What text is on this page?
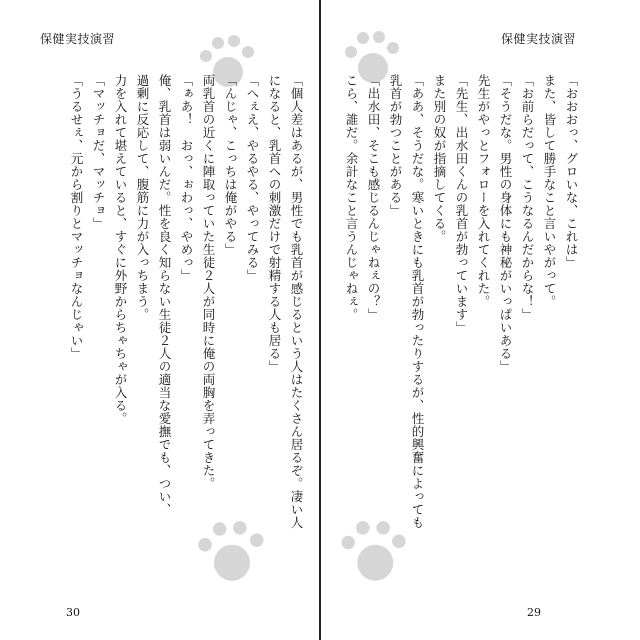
保健実技演習

「個人差はあるが、男性でも乳首が感じるという人はたくさん居るぞ。凄い人

になると、乳首への刺激だけで射精する人も居る」

「へぇえ、やるやる、やってみる」

「んじゃ、こっちは俺がやる」

両乳首の近くに陣取っていた生徒２人が同時に俺の両胸を弄ってきた。

「ぁあ！　おっ、ぉわっ、やめっ」

俺、乳首は弱いんだ。性を良く知らない生徒２人の適当な愛撫でも、つい、

過剰に反応して、腹筋に力が入っちまう。

力を入れて堪えていると、すぐに外野からちゃちゃが入る。

「マッチョだ、マッチョ」

「うるせぇ、元から割りとマッチョなんじゃい」

30
保健実技演習

「おおおっ、グロいな、これは」

また、皆して勝手なこと言いやがって。

「お前らだって、こうなるんだからな！」

「そうだな。男性の身体にも神秘がいっぱいある」

先生がやっとフォローを入れてくれた。

「先生、出水田くんの乳首が勃っています」

また別の奴が指摘してくる。

「ああ、そうだな。寒いときにも乳首が勃ったりするが、性的興奮によっても

乳首が勃つことがある」

「出水田、そこも感じるんじゃねぇの？」

こら、誰だ。余計なこと言うんじゃねぇ。

29
